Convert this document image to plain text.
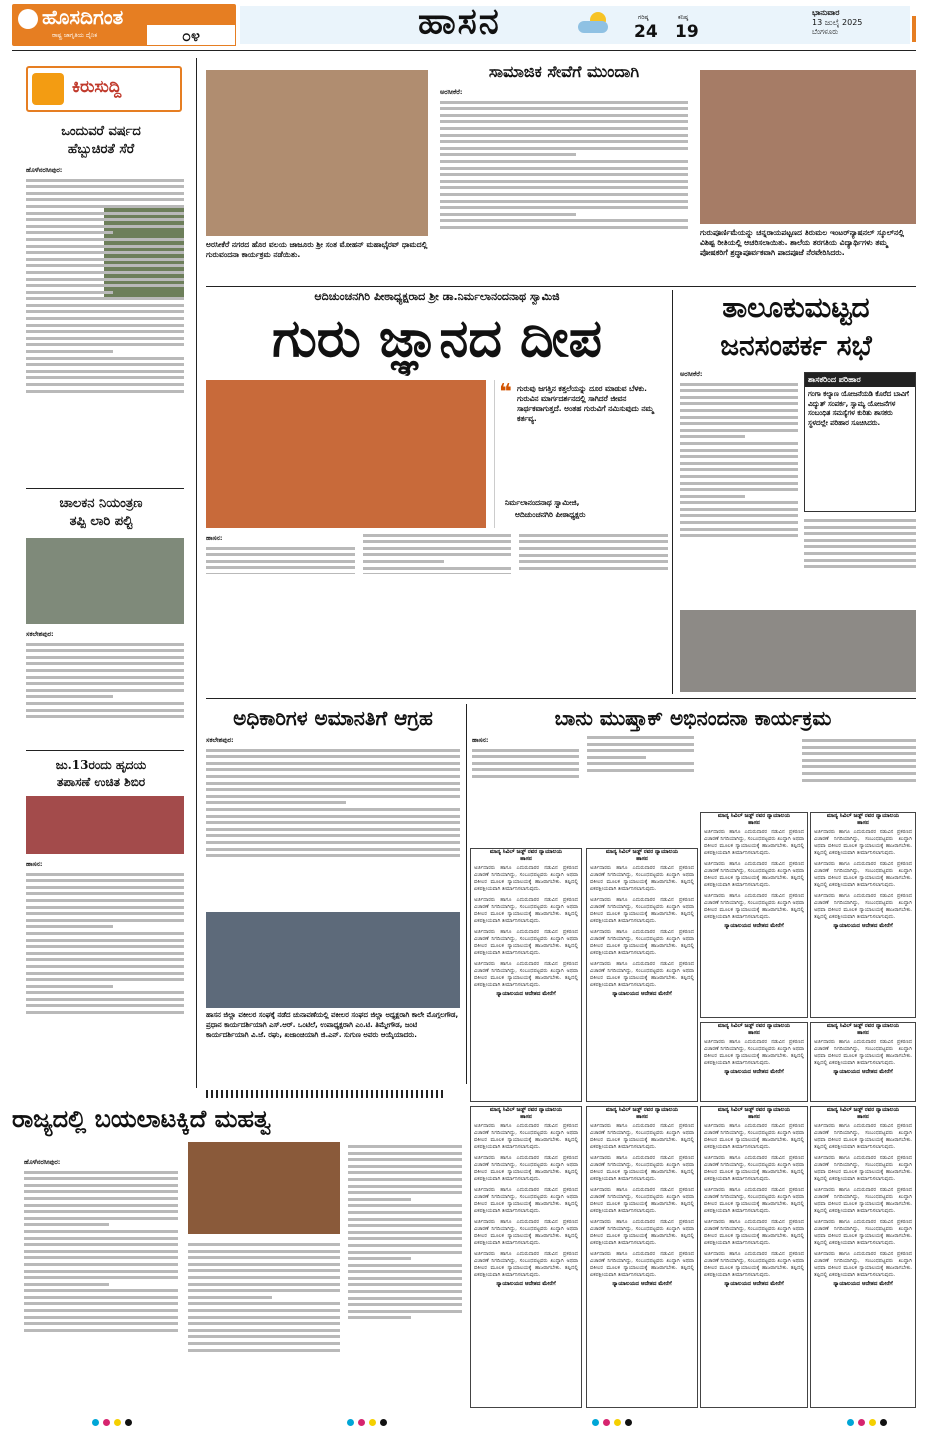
ಹೊಸದಿಗಂತ
ರಾಷ್ಟ್ರ ಜಾಗೃತಿಯ ದೈನಿಕ	೦೪	ಹಾಸನ	ಗರಿಷ್ಠ
24
ಕನಿಷ್ಠ
19
ಭಾನುವಾರ
13 ಜುಲೈ 2025
ಬೆಂಗಳೂರು
ಕಿರುಸುದ್ದಿ
ಒಂದುವರೆ ವರ್ಷದ
ಹೆಬ್ಬುಚಿರತೆ ಸೆರೆ
ಹೊಳೆನರಸೀಪುರ:
ಚಾಲಕನ ನಿಯಂತ್ರಣ
ತಪ್ಪಿ ಲಾರಿ ಪಲ್ಟಿ
ಸಕಲೇಶಪುರ:
ಜು.13ರಂದು ಹೃದಯ
ತಪಾಸಣೆ ಉಚಿತ ಶಿಬಿರ
ಹಾಸನ:
ಅರಸೀಕೆರೆ ನಗರದ ಹೊರ ವಲಯ ಜಾಜೂರು ಶ್ರೀ ಸಂತ ಮೋಹನ್ ಮಹಾಭೈರವ್ ಧಾಮದಲ್ಲಿ ಗುರುವಂದನಾ ಕಾರ್ಯಕ್ರಮ ನಡೆಯಿತು.
ಸಾಮಾಜಿಕ ಸೇವೆಗೆ ಮುಂದಾಗಿ
ಅರಸೀಕೆರೆ:
ಗುರುಪೂರ್ಣಿಮೆಯನ್ನು ಚನ್ನರಾಯಪಟ್ಟಣದ ತಿರುಮಲ ಇಂಟರ್‌ನ್ಯಾಷನಲ್ ಸ್ಕೂಲ್‌ನಲ್ಲಿ ವಿಶಿಷ್ಟ ರೀತಿಯಲ್ಲಿ ಆಚರಿಸಲಾಯಿತು. ಶಾಲೆಯ ತರಗತಿಯ ವಿದ್ಯಾರ್ಥಿಗಳು ತಮ್ಮ ಪೋಷಕರಿಗೆ ಶ್ರದ್ಧಾಪೂರ್ವಕವಾಗಿ ಪಾದಪೂಜೆ ನೆರವೇರಿಸಿದರು.
ಆದಿಚುಂಚನಗಿರಿ ಪೀಠಾಧ್ಯಕ್ಷರಾದ ಶ್ರೀ ಡಾ.ನಿರ್ಮಲಾನಂದನಾಥ ಸ್ವಾಮಿಜಿ
ಗುರು ಜ್ಞಾನದ ದೀಪ
❝ ಗುರುವು ಜಗತ್ತಿನ ಕತ್ತಲೆಯನ್ನು ದೂರ ಮಾಡುವ ಬೆಳಕು. ಗುರುವಿನ ಮಾರ್ಗದರ್ಶನದಲ್ಲಿ ಸಾಗಿದರೆ ಜೀವನ ಸಾರ್ಥಕವಾಗುತ್ತದೆ. ಅಂತಹ ಗುರುವಿಗೆ ನಮಿಸುವುದು ನಮ್ಮ ಕರ್ತವ್ಯ.
ನಿರ್ಮಲಾನಂದನಾಥ ಸ್ವಾಮೀಜಿ,
ಆದಿಚುಂಚನಗಿರಿ ಪೀಠಾಧ್ಯಕ್ಷರು
ಹಾಸನ:
ತಾಲೂಕುಮಟ್ಟದ
ಜನಸಂಪರ್ಕ ಸಭೆ
ಅರಸೀಕೆರೆ:
ಶಾಸಕರಿಂದ ಪರಿಹಾರ
ಗಂಗಾ ಕಲ್ಯಾಣ ಯೋಜನೆಯಡಿ ಕೊರೆದ ಬಾವಿಗೆ ವಿದ್ಯುತ್ ಸಂಪರ್ಕ, ಸ್ವಾಮ್ಯ ಯೋಜನೆಗಳ ಸಂಬಂಧಿತ ಸಮಸ್ಯೆಗಳ ಕುರಿತು ಶಾಸಕರು ಸ್ಥಳದಲ್ಲೇ ಪರಿಹಾರ ಸೂಚಿಸಿದರು.
ಅಧಿಕಾರಿಗಳ ಅಮಾನತಿಗೆ ಆಗ್ರಹ
ಸಕಲೇಶಪುರ:
ಹಾಸನ ಜಿಲ್ಲಾ ವಕೀಲರ ಸಂಘಕ್ಕೆ ನಡೆದ ಚುನಾವಣೆಯಲ್ಲಿ ವಕೀಲರ ಸಂಘದ ಜಿಲ್ಲಾ ಅಧ್ಯಕ್ಷರಾಗಿ ಕಾಲೇ ಮೊಗ್ಗಲಗೌಡ, ಪ್ರಧಾನ ಕಾರ್ಯದರ್ಶಿಯಾಗಿ ಎಸ್.ಆರ್. ಒಂಟಿಲೆ, ಉಪಾಧ್ಯಕ್ಷರಾಗಿ ಎಂ.ಟಿ. ತಿಮ್ಮೇಗೌಡ, ಜಂಟಿ ಕಾರ್ಯದರ್ಶಿಯಾಗಿ ವಿ.ಜೆ. ರಘು, ಖಜಾಂಚಿಯಾಗಿ ಜಿ.ಎನ್. ಸುಗುಣ ಅವರು ಆಯ್ಕೆಯಾದರು.
ಬಾನು ಮುಷ್ತಾಕ್ ಅಭಿನಂದನಾ ಕಾರ್ಯಕ್ರಮ
ಹಾಸನ:
ಮಾನ್ಯ ಸಿವಿಲ್ ಜಡ್ಜ್ ರವರ ನ್ಯಾಯಾಲಯ
ಹಾಸನ
ಅರ್ಜಿದಾರರು ಹಾಗೂ ಎದುರುದಾರರ ನಡುವಿನ ಪ್ರಕರಣದ ವಿಚಾರಣೆ ನಿಗದಿಯಾಗಿದ್ದು, ಸಂಬಂಧಪಟ್ಟವರು ಖುದ್ದಾಗಿ ಅಥವಾ ವಕೀಲರ ಮೂಲಕ ನ್ಯಾಯಾಲಯಕ್ಕೆ ಹಾಜರಾಗಬೇಕು. ತಪ್ಪಿದಲ್ಲಿ ಏಕಪಕ್ಷೀಯವಾಗಿ ತೀರ್ಮಾನಿಸಲಾಗುವುದು.
ಅರ್ಜಿದಾರರು ಹಾಗೂ ಎದುರುದಾರರ ನಡುವಿನ ಪ್ರಕರಣದ ವಿಚಾರಣೆ ನಿಗದಿಯಾಗಿದ್ದು, ಸಂಬಂಧಪಟ್ಟವರು ಖುದ್ದಾಗಿ ಅಥವಾ ವಕೀಲರ ಮೂಲಕ ನ್ಯಾಯಾಲಯಕ್ಕೆ ಹಾಜರಾಗಬೇಕು. ತಪ್ಪಿದಲ್ಲಿ ಏಕಪಕ್ಷೀಯವಾಗಿ ತೀರ್ಮಾನಿಸಲಾಗುವುದು.
ಅರ್ಜಿದಾರರು ಹಾಗೂ ಎದುರುದಾರರ ನಡುವಿನ ಪ್ರಕರಣದ ವಿಚಾರಣೆ ನಿಗದಿಯಾಗಿದ್ದು, ಸಂಬಂಧಪಟ್ಟವರು ಖುದ್ದಾಗಿ ಅಥವಾ ವಕೀಲರ ಮೂಲಕ ನ್ಯಾಯಾಲಯಕ್ಕೆ ಹಾಜರಾಗಬೇಕು. ತಪ್ಪಿದಲ್ಲಿ ಏಕಪಕ್ಷೀಯವಾಗಿ ತೀರ್ಮಾನಿಸಲಾಗುವುದು.
ಅರ್ಜಿದಾರರು ಹಾಗೂ ಎದುರುದಾರರ ನಡುವಿನ ಪ್ರಕರಣದ ವಿಚಾರಣೆ ನಿಗದಿಯಾಗಿದ್ದು, ಸಂಬಂಧಪಟ್ಟವರು ಖುದ್ದಾಗಿ ಅಥವಾ ವಕೀಲರ ಮೂಲಕ ನ್ಯಾಯಾಲಯಕ್ಕೆ ಹಾಜರಾಗಬೇಕು. ತಪ್ಪಿದಲ್ಲಿ ಏಕಪಕ್ಷೀಯವಾಗಿ ತೀರ್ಮಾನಿಸಲಾಗುವುದು.
ನ್ಯಾಯಾಲಯದ ಆದೇಶದ ಮೇರೆಗೆ
ಮಾನ್ಯ ಸಿವಿಲ್ ಜಡ್ಜ್ ರವರ ನ್ಯಾಯಾಲಯ
ಹಾಸನ
ಅರ್ಜಿದಾರರು ಹಾಗೂ ಎದುರುದಾರರ ನಡುವಿನ ಪ್ರಕರಣದ ವಿಚಾರಣೆ ನಿಗದಿಯಾಗಿದ್ದು, ಸಂಬಂಧಪಟ್ಟವರು ಖುದ್ದಾಗಿ ಅಥವಾ ವಕೀಲರ ಮೂಲಕ ನ್ಯಾಯಾಲಯಕ್ಕೆ ಹಾಜರಾಗಬೇಕು. ತಪ್ಪಿದಲ್ಲಿ ಏಕಪಕ್ಷೀಯವಾಗಿ ತೀರ್ಮಾನಿಸಲಾಗುವುದು.
ಅರ್ಜಿದಾರರು ಹಾಗೂ ಎದುರುದಾರರ ನಡುವಿನ ಪ್ರಕರಣದ ವಿಚಾರಣೆ ನಿಗದಿಯಾಗಿದ್ದು, ಸಂಬಂಧಪಟ್ಟವರು ಖುದ್ದಾಗಿ ಅಥವಾ ವಕೀಲರ ಮೂಲಕ ನ್ಯಾಯಾಲಯಕ್ಕೆ ಹಾಜರಾಗಬೇಕು. ತಪ್ಪಿದಲ್ಲಿ ಏಕಪಕ್ಷೀಯವಾಗಿ ತೀರ್ಮಾನಿಸಲಾಗುವುದು.
ಅರ್ಜಿದಾರರು ಹಾಗೂ ಎದುರುದಾರರ ನಡುವಿನ ಪ್ರಕರಣದ ವಿಚಾರಣೆ ನಿಗದಿಯಾಗಿದ್ದು, ಸಂಬಂಧಪಟ್ಟವರು ಖುದ್ದಾಗಿ ಅಥವಾ ವಕೀಲರ ಮೂಲಕ ನ್ಯಾಯಾಲಯಕ್ಕೆ ಹಾಜರಾಗಬೇಕು. ತಪ್ಪಿದಲ್ಲಿ ಏಕಪಕ್ಷೀಯವಾಗಿ ತೀರ್ಮಾನಿಸಲಾಗುವುದು.
ಅರ್ಜಿದಾರರು ಹಾಗೂ ಎದುರುದಾರರ ನಡುವಿನ ಪ್ರಕರಣದ ವಿಚಾರಣೆ ನಿಗದಿಯಾಗಿದ್ದು, ಸಂಬಂಧಪಟ್ಟವರು ಖುದ್ದಾಗಿ ಅಥವಾ ವಕೀಲರ ಮೂಲಕ ನ್ಯಾಯಾಲಯಕ್ಕೆ ಹಾಜರಾಗಬೇಕು. ತಪ್ಪಿದಲ್ಲಿ ಏಕಪಕ್ಷೀಯವಾಗಿ ತೀರ್ಮಾನಿಸಲಾಗುವುದು.
ನ್ಯಾಯಾಲಯದ ಆದೇಶದ ಮೇರೆಗೆ
ಮಾನ್ಯ ಸಿವಿಲ್ ಜಡ್ಜ್ ರವರ ನ್ಯಾಯಾಲಯ
ಹಾಸನ
ಅರ್ಜಿದಾರರು ಹಾಗೂ ಎದುರುದಾರರ ನಡುವಿನ ಪ್ರಕರಣದ ವಿಚಾರಣೆ ನಿಗದಿಯಾಗಿದ್ದು, ಸಂಬಂಧಪಟ್ಟವರು ಖುದ್ದಾಗಿ ಅಥವಾ ವಕೀಲರ ಮೂಲಕ ನ್ಯಾಯಾಲಯಕ್ಕೆ ಹಾಜರಾಗಬೇಕು. ತಪ್ಪಿದಲ್ಲಿ ಏಕಪಕ್ಷೀಯವಾಗಿ ತೀರ್ಮಾನಿಸಲಾಗುವುದು.
ಅರ್ಜಿದಾರರು ಹಾಗೂ ಎದುರುದಾರರ ನಡುವಿನ ಪ್ರಕರಣದ ವಿಚಾರಣೆ ನಿಗದಿಯಾಗಿದ್ದು, ಸಂಬಂಧಪಟ್ಟವರು ಖುದ್ದಾಗಿ ಅಥವಾ ವಕೀಲರ ಮೂಲಕ ನ್ಯಾಯಾಲಯಕ್ಕೆ ಹಾಜರಾಗಬೇಕು. ತಪ್ಪಿದಲ್ಲಿ ಏಕಪಕ್ಷೀಯವಾಗಿ ತೀರ್ಮಾನಿಸಲಾಗುವುದು.
ಅರ್ಜಿದಾರರು ಹಾಗೂ ಎದುರುದಾರರ ನಡುವಿನ ಪ್ರಕರಣದ ವಿಚಾರಣೆ ನಿಗದಿಯಾಗಿದ್ದು, ಸಂಬಂಧಪಟ್ಟವರು ಖುದ್ದಾಗಿ ಅಥವಾ ವಕೀಲರ ಮೂಲಕ ನ್ಯಾಯಾಲಯಕ್ಕೆ ಹಾಜರಾಗಬೇಕು. ತಪ್ಪಿದಲ್ಲಿ ಏಕಪಕ್ಷೀಯವಾಗಿ ತೀರ್ಮಾನಿಸಲಾಗುವುದು.
ನ್ಯಾಯಾಲಯದ ಆದೇಶದ ಮೇರೆಗೆ
ಮಾನ್ಯ ಸಿವಿಲ್ ಜಡ್ಜ್ ರವರ ನ್ಯಾಯಾಲಯ
ಹಾಸನ
ಅರ್ಜಿದಾರರು ಹಾಗೂ ಎದುರುದಾರರ ನಡುವಿನ ಪ್ರಕರಣದ ವಿಚಾರಣೆ ನಿಗದಿಯಾಗಿದ್ದು, ಸಂಬಂಧಪಟ್ಟವರು ಖುದ್ದಾಗಿ ಅಥವಾ ವಕೀಲರ ಮೂಲಕ ನ್ಯಾಯಾಲಯಕ್ಕೆ ಹಾಜರಾಗಬೇಕು. ತಪ್ಪಿದಲ್ಲಿ ಏಕಪಕ್ಷೀಯವಾಗಿ ತೀರ್ಮಾನಿಸಲಾಗುವುದು.
ಅರ್ಜಿದಾರರು ಹಾಗೂ ಎದುರುದಾರರ ನಡುವಿನ ಪ್ರಕರಣದ ವಿಚಾರಣೆ ನಿಗದಿಯಾಗಿದ್ದು, ಸಂಬಂಧಪಟ್ಟವರು ಖುದ್ದಾಗಿ ಅಥವಾ ವಕೀಲರ ಮೂಲಕ ನ್ಯಾಯಾಲಯಕ್ಕೆ ಹಾಜರಾಗಬೇಕು. ತಪ್ಪಿದಲ್ಲಿ ಏಕಪಕ್ಷೀಯವಾಗಿ ತೀರ್ಮಾನಿಸಲಾಗುವುದು.
ಅರ್ಜಿದಾರರು ಹಾಗೂ ಎದುರುದಾರರ ನಡುವಿನ ಪ್ರಕರಣದ ವಿಚಾರಣೆ ನಿಗದಿಯಾಗಿದ್ದು, ಸಂಬಂಧಪಟ್ಟವರು ಖುದ್ದಾಗಿ ಅಥವಾ ವಕೀಲರ ಮೂಲಕ ನ್ಯಾಯಾಲಯಕ್ಕೆ ಹಾಜರಾಗಬೇಕು. ತಪ್ಪಿದಲ್ಲಿ ಏಕಪಕ್ಷೀಯವಾಗಿ ತೀರ್ಮಾನಿಸಲಾಗುವುದು.
ನ್ಯಾಯಾಲಯದ ಆದೇಶದ ಮೇರೆಗೆ
ಮಾನ್ಯ ಸಿವಿಲ್ ಜಡ್ಜ್ ರವರ ನ್ಯಾಯಾಲಯ
ಹಾಸನ
ಅರ್ಜಿದಾರರು ಹಾಗೂ ಎದುರುದಾರರ ನಡುವಿನ ಪ್ರಕರಣದ ವಿಚಾರಣೆ ನಿಗದಿಯಾಗಿದ್ದು, ಸಂಬಂಧಪಟ್ಟವರು ಖುದ್ದಾಗಿ ಅಥವಾ ವಕೀಲರ ಮೂಲಕ ನ್ಯಾಯಾಲಯಕ್ಕೆ ಹಾಜರಾಗಬೇಕು. ತಪ್ಪಿದಲ್ಲಿ ಏಕಪಕ್ಷೀಯವಾಗಿ ತೀರ್ಮಾನಿಸಲಾಗುವುದು.
ನ್ಯಾಯಾಲಯದ ಆದೇಶದ ಮೇರೆಗೆ
ಮಾನ್ಯ ಸಿವಿಲ್ ಜಡ್ಜ್ ರವರ ನ್ಯಾಯಾಲಯ
ಹಾಸನ
ಅರ್ಜಿದಾರರು ಹಾಗೂ ಎದುರುದಾರರ ನಡುವಿನ ಪ್ರಕರಣದ ವಿಚಾರಣೆ ನಿಗದಿಯಾಗಿದ್ದು, ಸಂಬಂಧಪಟ್ಟವರು ಖುದ್ದಾಗಿ ಅಥವಾ ವಕೀಲರ ಮೂಲಕ ನ್ಯಾಯಾಲಯಕ್ಕೆ ಹಾಜರಾಗಬೇಕು. ತಪ್ಪಿದಲ್ಲಿ ಏಕಪಕ್ಷೀಯವಾಗಿ ತೀರ್ಮಾನಿಸಲಾಗುವುದು.
ನ್ಯಾಯಾಲಯದ ಆದೇಶದ ಮೇರೆಗೆ
ಮಾನ್ಯ ಸಿವಿಲ್ ಜಡ್ಜ್ ರವರ ನ್ಯಾಯಾಲಯ
ಹಾಸನ
ಅರ್ಜಿದಾರರು ಹಾಗೂ ಎದುರುದಾರರ ನಡುವಿನ ಪ್ರಕರಣದ ವಿಚಾರಣೆ ನಿಗದಿಯಾಗಿದ್ದು, ಸಂಬಂಧಪಟ್ಟವರು ಖುದ್ದಾಗಿ ಅಥವಾ ವಕೀಲರ ಮೂಲಕ ನ್ಯಾಯಾಲಯಕ್ಕೆ ಹಾಜರಾಗಬೇಕು. ತಪ್ಪಿದಲ್ಲಿ ಏಕಪಕ್ಷೀಯವಾಗಿ ತೀರ್ಮಾನಿಸಲಾಗುವುದು.
ಅರ್ಜಿದಾರರು ಹಾಗೂ ಎದುರುದಾರರ ನಡುವಿನ ಪ್ರಕರಣದ ವಿಚಾರಣೆ ನಿಗದಿಯಾಗಿದ್ದು, ಸಂಬಂಧಪಟ್ಟವರು ಖುದ್ದಾಗಿ ಅಥವಾ ವಕೀಲರ ಮೂಲಕ ನ್ಯಾಯಾಲಯಕ್ಕೆ ಹಾಜರಾಗಬೇಕು. ತಪ್ಪಿದಲ್ಲಿ ಏಕಪಕ್ಷೀಯವಾಗಿ ತೀರ್ಮಾನಿಸಲಾಗುವುದು.
ಅರ್ಜಿದಾರರು ಹಾಗೂ ಎದುರುದಾರರ ನಡುವಿನ ಪ್ರಕರಣದ ವಿಚಾರಣೆ ನಿಗದಿಯಾಗಿದ್ದು, ಸಂಬಂಧಪಟ್ಟವರು ಖುದ್ದಾಗಿ ಅಥವಾ ವಕೀಲರ ಮೂಲಕ ನ್ಯಾಯಾಲಯಕ್ಕೆ ಹಾಜರಾಗಬೇಕು. ತಪ್ಪಿದಲ್ಲಿ ಏಕಪಕ್ಷೀಯವಾಗಿ ತೀರ್ಮಾನಿಸಲಾಗುವುದು.
ಅರ್ಜಿದಾರರು ಹಾಗೂ ಎದುರುದಾರರ ನಡುವಿನ ಪ್ರಕರಣದ ವಿಚಾರಣೆ ನಿಗದಿಯಾಗಿದ್ದು, ಸಂಬಂಧಪಟ್ಟವರು ಖುದ್ದಾಗಿ ಅಥವಾ ವಕೀಲರ ಮೂಲಕ ನ್ಯಾಯಾಲಯಕ್ಕೆ ಹಾಜರಾಗಬೇಕು. ತಪ್ಪಿದಲ್ಲಿ ಏಕಪಕ್ಷೀಯವಾಗಿ ತೀರ್ಮಾನಿಸಲಾಗುವುದು.
ಅರ್ಜಿದಾರರು ಹಾಗೂ ಎದುರುದಾರರ ನಡುವಿನ ಪ್ರಕರಣದ ವಿಚಾರಣೆ ನಿಗದಿಯಾಗಿದ್ದು, ಸಂಬಂಧಪಟ್ಟವರು ಖುದ್ದಾಗಿ ಅಥವಾ ವಕೀಲರ ಮೂಲಕ ನ್ಯಾಯಾಲಯಕ್ಕೆ ಹಾಜರಾಗಬೇಕು. ತಪ್ಪಿದಲ್ಲಿ ಏಕಪಕ್ಷೀಯವಾಗಿ ತೀರ್ಮಾನಿಸಲಾಗುವುದು.
ನ್ಯಾಯಾಲಯದ ಆದೇಶದ ಮೇರೆಗೆ
ಮಾನ್ಯ ಸಿವಿಲ್ ಜಡ್ಜ್ ರವರ ನ್ಯಾಯಾಲಯ
ಹಾಸನ
ಅರ್ಜಿದಾರರು ಹಾಗೂ ಎದುರುದಾರರ ನಡುವಿನ ಪ್ರಕರಣದ ವಿಚಾರಣೆ ನಿಗದಿಯಾಗಿದ್ದು, ಸಂಬಂಧಪಟ್ಟವರು ಖುದ್ದಾಗಿ ಅಥವಾ ವಕೀಲರ ಮೂಲಕ ನ್ಯಾಯಾಲಯಕ್ಕೆ ಹಾಜರಾಗಬೇಕು. ತಪ್ಪಿದಲ್ಲಿ ಏಕಪಕ್ಷೀಯವಾಗಿ ತೀರ್ಮಾನಿಸಲಾಗುವುದು.
ಅರ್ಜಿದಾರರು ಹಾಗೂ ಎದುರುದಾರರ ನಡುವಿನ ಪ್ರಕರಣದ ವಿಚಾರಣೆ ನಿಗದಿಯಾಗಿದ್ದು, ಸಂಬಂಧಪಟ್ಟವರು ಖುದ್ದಾಗಿ ಅಥವಾ ವಕೀಲರ ಮೂಲಕ ನ್ಯಾಯಾಲಯಕ್ಕೆ ಹಾಜರಾಗಬೇಕು. ತಪ್ಪಿದಲ್ಲಿ ಏಕಪಕ್ಷೀಯವಾಗಿ ತೀರ್ಮಾನಿಸಲಾಗುವುದು.
ಅರ್ಜಿದಾರರು ಹಾಗೂ ಎದುರುದಾರರ ನಡುವಿನ ಪ್ರಕರಣದ ವಿಚಾರಣೆ ನಿಗದಿಯಾಗಿದ್ದು, ಸಂಬಂಧಪಟ್ಟವರು ಖುದ್ದಾಗಿ ಅಥವಾ ವಕೀಲರ ಮೂಲಕ ನ್ಯಾಯಾಲಯಕ್ಕೆ ಹಾಜರಾಗಬೇಕು. ತಪ್ಪಿದಲ್ಲಿ ಏಕಪಕ್ಷೀಯವಾಗಿ ತೀರ್ಮಾನಿಸಲಾಗುವುದು.
ಅರ್ಜಿದಾರರು ಹಾಗೂ ಎದುರುದಾರರ ನಡುವಿನ ಪ್ರಕರಣದ ವಿಚಾರಣೆ ನಿಗದಿಯಾಗಿದ್ದು, ಸಂಬಂಧಪಟ್ಟವರು ಖುದ್ದಾಗಿ ಅಥವಾ ವಕೀಲರ ಮೂಲಕ ನ್ಯಾಯಾಲಯಕ್ಕೆ ಹಾಜರಾಗಬೇಕು. ತಪ್ಪಿದಲ್ಲಿ ಏಕಪಕ್ಷೀಯವಾಗಿ ತೀರ್ಮಾನಿಸಲಾಗುವುದು.
ಅರ್ಜಿದಾರರು ಹಾಗೂ ಎದುರುದಾರರ ನಡುವಿನ ಪ್ರಕರಣದ ವಿಚಾರಣೆ ನಿಗದಿಯಾಗಿದ್ದು, ಸಂಬಂಧಪಟ್ಟವರು ಖುದ್ದಾಗಿ ಅಥವಾ ವಕೀಲರ ಮೂಲಕ ನ್ಯಾಯಾಲಯಕ್ಕೆ ಹಾಜರಾಗಬೇಕು. ತಪ್ಪಿದಲ್ಲಿ ಏಕಪಕ್ಷೀಯವಾಗಿ ತೀರ್ಮಾನಿಸಲಾಗುವುದು.
ನ್ಯಾಯಾಲಯದ ಆದೇಶದ ಮೇರೆಗೆ
ಮಾನ್ಯ ಸಿವಿಲ್ ಜಡ್ಜ್ ರವರ ನ್ಯಾಯಾಲಯ
ಹಾಸನ
ಅರ್ಜಿದಾರರು ಹಾಗೂ ಎದುರುದಾರರ ನಡುವಿನ ಪ್ರಕರಣದ ವಿಚಾರಣೆ ನಿಗದಿಯಾಗಿದ್ದು, ಸಂಬಂಧಪಟ್ಟವರು ಖುದ್ದಾಗಿ ಅಥವಾ ವಕೀಲರ ಮೂಲಕ ನ್ಯಾಯಾಲಯಕ್ಕೆ ಹಾಜರಾಗಬೇಕು. ತಪ್ಪಿದಲ್ಲಿ ಏಕಪಕ್ಷೀಯವಾಗಿ ತೀರ್ಮಾನಿಸಲಾಗುವುದು.
ಅರ್ಜಿದಾರರು ಹಾಗೂ ಎದುರುದಾರರ ನಡುವಿನ ಪ್ರಕರಣದ ವಿಚಾರಣೆ ನಿಗದಿಯಾಗಿದ್ದು, ಸಂಬಂಧಪಟ್ಟವರು ಖುದ್ದಾಗಿ ಅಥವಾ ವಕೀಲರ ಮೂಲಕ ನ್ಯಾಯಾಲಯಕ್ಕೆ ಹಾಜರಾಗಬೇಕು. ತಪ್ಪಿದಲ್ಲಿ ಏಕಪಕ್ಷೀಯವಾಗಿ ತೀರ್ಮಾನಿಸಲಾಗುವುದು.
ಅರ್ಜಿದಾರರು ಹಾಗೂ ಎದುರುದಾರರ ನಡುವಿನ ಪ್ರಕರಣದ ವಿಚಾರಣೆ ನಿಗದಿಯಾಗಿದ್ದು, ಸಂಬಂಧಪಟ್ಟವರು ಖುದ್ದಾಗಿ ಅಥವಾ ವಕೀಲರ ಮೂಲಕ ನ್ಯಾಯಾಲಯಕ್ಕೆ ಹಾಜರಾಗಬೇಕು. ತಪ್ಪಿದಲ್ಲಿ ಏಕಪಕ್ಷೀಯವಾಗಿ ತೀರ್ಮಾನಿಸಲಾಗುವುದು.
ಅರ್ಜಿದಾರರು ಹಾಗೂ ಎದುರುದಾರರ ನಡುವಿನ ಪ್ರಕರಣದ ವಿಚಾರಣೆ ನಿಗದಿಯಾಗಿದ್ದು, ಸಂಬಂಧಪಟ್ಟವರು ಖುದ್ದಾಗಿ ಅಥವಾ ವಕೀಲರ ಮೂಲಕ ನ್ಯಾಯಾಲಯಕ್ಕೆ ಹಾಜರಾಗಬೇಕು. ತಪ್ಪಿದಲ್ಲಿ ಏಕಪಕ್ಷೀಯವಾಗಿ ತೀರ್ಮಾನಿಸಲಾಗುವುದು.
ಅರ್ಜಿದಾರರು ಹಾಗೂ ಎದುರುದಾರರ ನಡುವಿನ ಪ್ರಕರಣದ ವಿಚಾರಣೆ ನಿಗದಿಯಾಗಿದ್ದು, ಸಂಬಂಧಪಟ್ಟವರು ಖುದ್ದಾಗಿ ಅಥವಾ ವಕೀಲರ ಮೂಲಕ ನ್ಯಾಯಾಲಯಕ್ಕೆ ಹಾಜರಾಗಬೇಕು. ತಪ್ಪಿದಲ್ಲಿ ಏಕಪಕ್ಷೀಯವಾಗಿ ತೀರ್ಮಾನಿಸಲಾಗುವುದು.
ನ್ಯಾಯಾಲಯದ ಆದೇಶದ ಮೇರೆಗೆ
ಮಾನ್ಯ ಸಿವಿಲ್ ಜಡ್ಜ್ ರವರ ನ್ಯಾಯಾಲಯ
ಹಾಸನ
ಅರ್ಜಿದಾರರು ಹಾಗೂ ಎದುರುದಾರರ ನಡುವಿನ ಪ್ರಕರಣದ ವಿಚಾರಣೆ ನಿಗದಿಯಾಗಿದ್ದು, ಸಂಬಂಧಪಟ್ಟವರು ಖುದ್ದಾಗಿ ಅಥವಾ ವಕೀಲರ ಮೂಲಕ ನ್ಯಾಯಾಲಯಕ್ಕೆ ಹಾಜರಾಗಬೇಕು. ತಪ್ಪಿದಲ್ಲಿ ಏಕಪಕ್ಷೀಯವಾಗಿ ತೀರ್ಮಾನಿಸಲಾಗುವುದು.
ಅರ್ಜಿದಾರರು ಹಾಗೂ ಎದುರುದಾರರ ನಡುವಿನ ಪ್ರಕರಣದ ವಿಚಾರಣೆ ನಿಗದಿಯಾಗಿದ್ದು, ಸಂಬಂಧಪಟ್ಟವರು ಖುದ್ದಾಗಿ ಅಥವಾ ವಕೀಲರ ಮೂಲಕ ನ್ಯಾಯಾಲಯಕ್ಕೆ ಹಾಜರಾಗಬೇಕು. ತಪ್ಪಿದಲ್ಲಿ ಏಕಪಕ್ಷೀಯವಾಗಿ ತೀರ್ಮಾನಿಸಲಾಗುವುದು.
ಅರ್ಜಿದಾರರು ಹಾಗೂ ಎದುರುದಾರರ ನಡುವಿನ ಪ್ರಕರಣದ ವಿಚಾರಣೆ ನಿಗದಿಯಾಗಿದ್ದು, ಸಂಬಂಧಪಟ್ಟವರು ಖುದ್ದಾಗಿ ಅಥವಾ ವಕೀಲರ ಮೂಲಕ ನ್ಯಾಯಾಲಯಕ್ಕೆ ಹಾಜರಾಗಬೇಕು. ತಪ್ಪಿದಲ್ಲಿ ಏಕಪಕ್ಷೀಯವಾಗಿ ತೀರ್ಮಾನಿಸಲಾಗುವುದು.
ಅರ್ಜಿದಾರರು ಹಾಗೂ ಎದುರುದಾರರ ನಡುವಿನ ಪ್ರಕರಣದ ವಿಚಾರಣೆ ನಿಗದಿಯಾಗಿದ್ದು, ಸಂಬಂಧಪಟ್ಟವರು ಖುದ್ದಾಗಿ ಅಥವಾ ವಕೀಲರ ಮೂಲಕ ನ್ಯಾಯಾಲಯಕ್ಕೆ ಹಾಜರಾಗಬೇಕು. ತಪ್ಪಿದಲ್ಲಿ ಏಕಪಕ್ಷೀಯವಾಗಿ ತೀರ್ಮಾನಿಸಲಾಗುವುದು.
ಅರ್ಜಿದಾರರು ಹಾಗೂ ಎದುರುದಾರರ ನಡುವಿನ ಪ್ರಕರಣದ ವಿಚಾರಣೆ ನಿಗದಿಯಾಗಿದ್ದು, ಸಂಬಂಧಪಟ್ಟವರು ಖುದ್ದಾಗಿ ಅಥವಾ ವಕೀಲರ ಮೂಲಕ ನ್ಯಾಯಾಲಯಕ್ಕೆ ಹಾಜರಾಗಬೇಕು. ತಪ್ಪಿದಲ್ಲಿ ಏಕಪಕ್ಷೀಯವಾಗಿ ತೀರ್ಮಾನಿಸಲಾಗುವುದು.
ನ್ಯಾಯಾಲಯದ ಆದೇಶದ ಮೇರೆಗೆ
ರಾಜ್ಯದಲ್ಲಿ ಬಯಲಾಟಕ್ಕಿದೆ ಮಹತ್ವ
ಹೊಳೆನರಸೀಪುರ:
